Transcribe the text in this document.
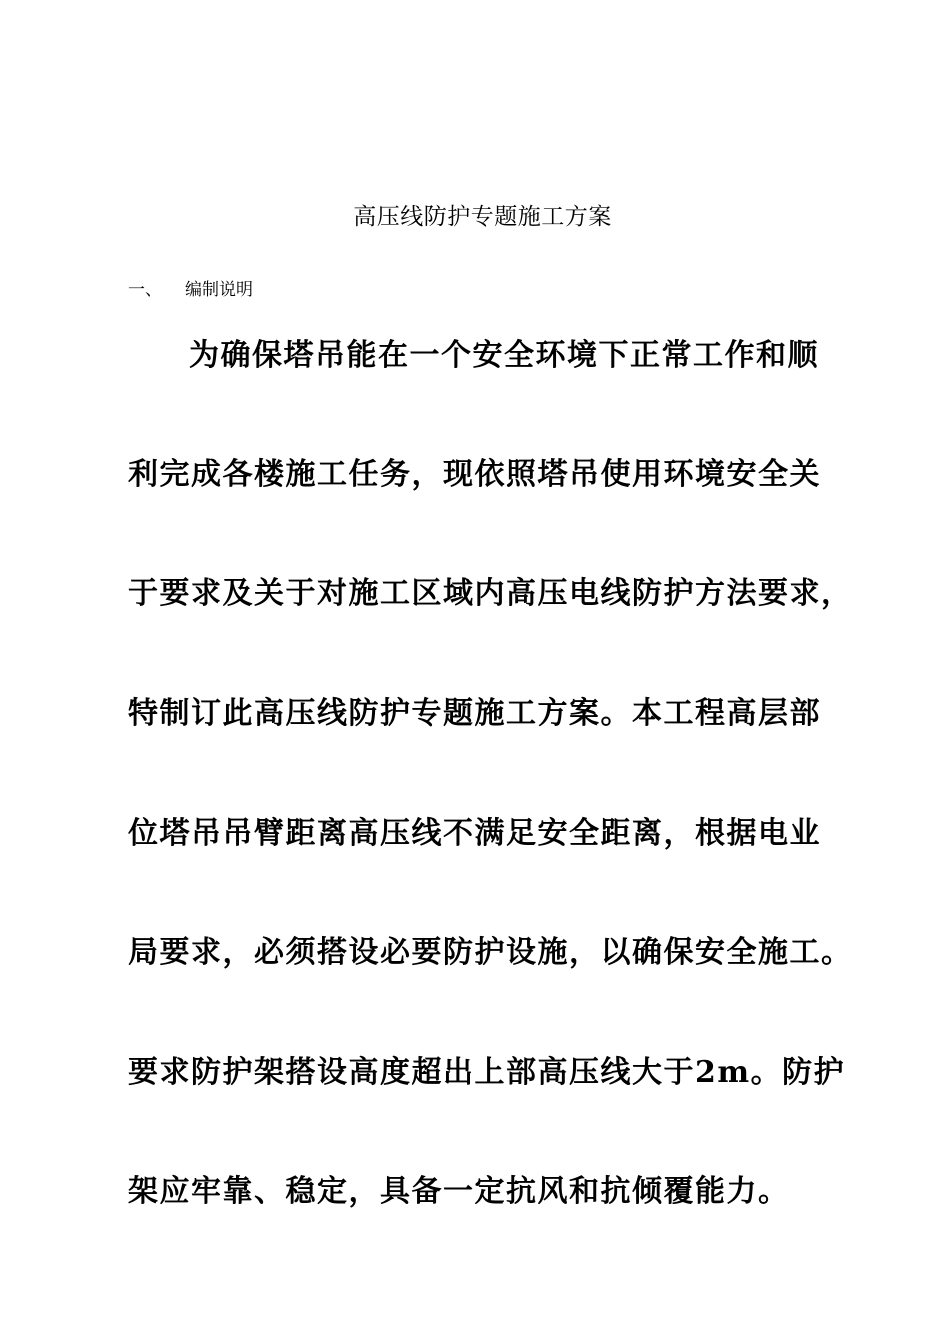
高压线防护专题施工方案
一、 编制说明
为确保塔吊能在一个安全环境下正常工作和顺
利完成各楼施工任务，现依照塔吊使用环境安全关
于要求及关于对施工区域内高压电线防护方法要求，
特制订此高压线防护专题施工方案。本工程高层部
位塔吊吊臂距离高压线不满足安全距离，根据电业
局要求，必须搭设必要防护设施，以确保安全施工。
要求防护架搭设高度超出上部高压线大于2m。防护
架应牢靠、稳定，具备一定抗风和抗倾覆能力。
